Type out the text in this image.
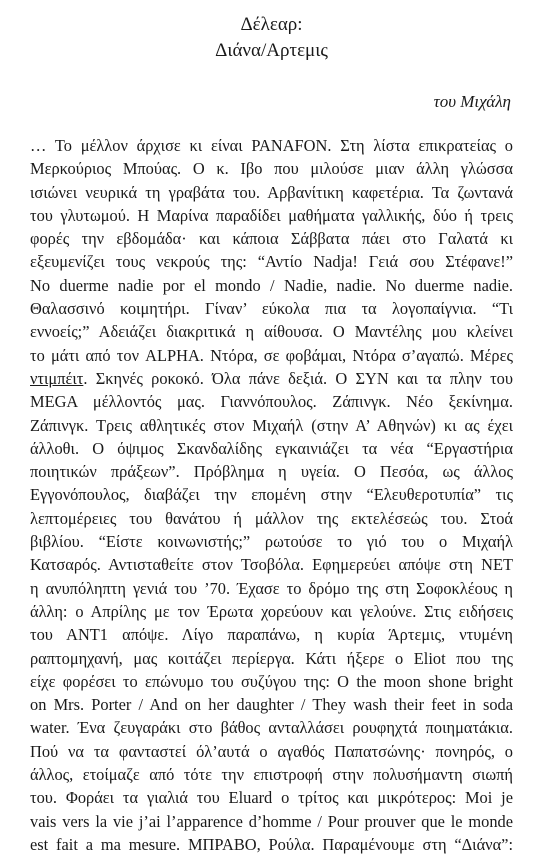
Δέλεαρ:
Διάνα/Αρτεμις
του Μιχάλη
… Το μέλλον άρχισε κι είναι PANAFON. Στη λίστα επικρατείας ο
Μερκούριος Μπούας. Ο κ. Ιβο που μιλούσε μιαν άλλη γλώσσα
ισιώνει νευρικά τη γραβάτα του. Αρβανίτικη καφετέρια. Τα ζωντανά
του γλυτωμού. Η Μαρίνα παραδίδει μαθήματα γαλλικής, δύο ή τρεις
φορές την εβδομάδα· και κάποια Σάββατα πάει στο Γαλατά κι
εξευμενίζει τους νεκρούς της: “Αντίο Nadja! Γειά σου Στέφανε!”
No duerme nadie por el mondo / Nadie, nadie. No duerme nadie.
Θαλασσινό κοιμητήρι. Γίναν’ εύκολα πια τα λογοπαίγνια. “Τι
εννοείς;” Αδειάζει διακριτικά η αίθουσα. Ο Μαντέλης μου κλείνει
το μάτι από τον ALPHA. Ντόρα, σε φοβάμαι, Ντόρα σ’αγαπώ. Μέρες
ντιμπέιτ. Σκηνές ροκοκό. Όλα πάνε δεξιά. Ο ΣΥΝ και τα πλην του
MEGA μέλλοντός μας. Γιαννόπουλος. Ζάπινγκ. Νέο ξεκίνημα.
Ζάπινγκ. Τρεις αθλητικές στον Μιχαήλ (στην Α’ Αθηνών) κι ας έχει
άλλοθι. Ο όψιμος Σκανδαλίδης εγκαινιάζει τα νέα “Εργαστήρια
ποιητικών πράξεων”. Πρόβλημα η υγεία. Ο Πεσόα, ως άλλος
Εγγονόπουλος, διαβάζει την επομένη στην “Ελευθεροτυπία” τις
λεπτομέρειες του θανάτου ή μάλλον της εκτελέσεώς του. Στοά
βιβλίου. “Είστε κοινωνιστής;” ρωτούσε το γιό του ο Μιχαήλ
Κατσαρός. Αντισταθείτε στον Τσοβόλα. Εφημερεύει απόψε στη ΝΕΤ
η ανυπόληπτη γενιά του ’70. Έχασε το δρόμο της στη Σοφοκλέους η
άλλη: ο Απρίλης με τον Έρωτα χορεύουν και γελούνε. Στις ειδήσεις
του ΑΝΤ1 απόψε. Λίγο παραπάνω, η κυρία Άρτεμις, ντυμένη
ραπτομηχανή, μας κοιτάζει περίεργα. Κάτι ήξερε ο Eliot που της
είχε φορέσει το επώνυμο του συζύγου της: O the moon shone bright
on Mrs. Porter / And on her daughter / They wash their feet in soda
water. Ένα ζευγαράκι στο βάθος ανταλλάσει ρουφηχτά ποιηματάκια.
Πού να τα φανταστεί όλ’αυτά ο αγαθός Παπατσώνης· πονηρός, ο
άλλος, ετοίμαζε από τότε την επιστροφή στην πολυσήμαντη σιωπή
του. Φοράει τα γιαλιά του Eluard ο τρίτος και μικρότερος: Moi je
vais vers la vie j’ai l’apparence d’homme / Pour prouver que le monde
est fait a ma mesure. ΜΠΡΑΒΟ, Ρούλα. Παραμένουμε στη “Διάνα”:
